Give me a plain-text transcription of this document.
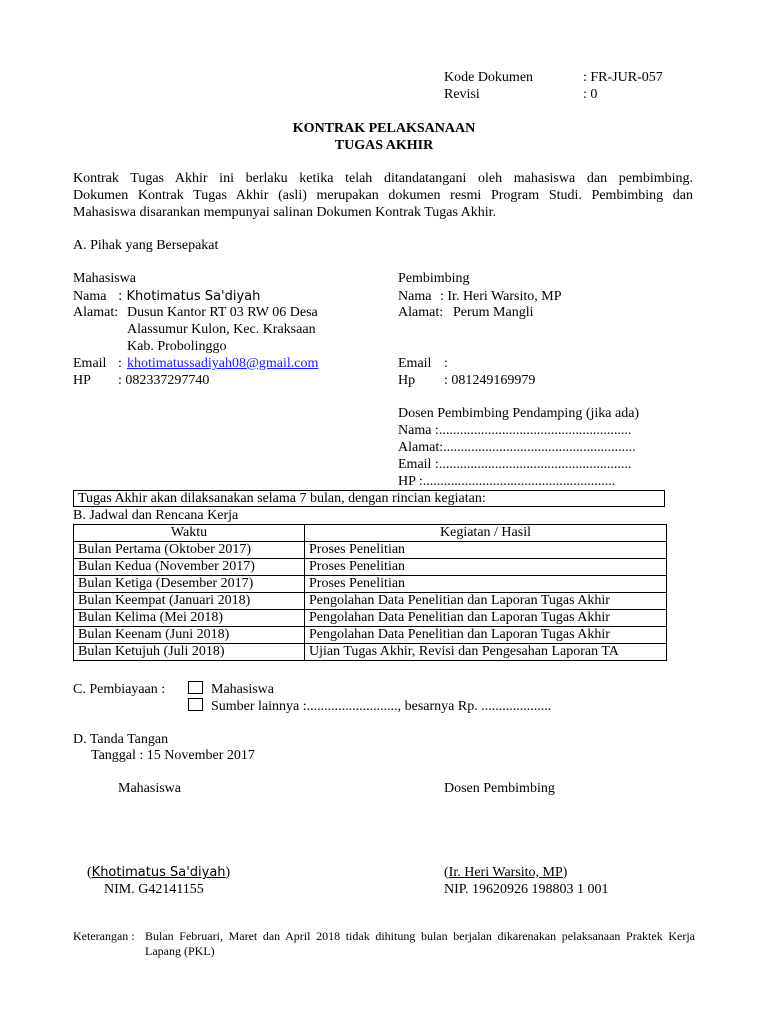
Kode Dokumen	: FR-JUR-057
Revisi	: 0
KONTRAK PELAKSANAAN
TUGAS AKHIR
Kontrak Tugas Akhir ini berlaku ketika telah ditandatangani oleh mahasiswa dan pembimbing.
Dokumen Kontrak Tugas Akhir (asli) merupakan dokumen resmi Program Studi. Pembimbing dan
Mahasiswa disarankan mempunyai salinan Dokumen Kontrak Tugas Akhir.
A. Pihak yang Bersepakat
Mahasiswa
Nama : Khotimatus Sa'diyah
Alamat: Dusun Kantor RT 03 RW 06 Desa
Alassumur Kulon, Kec. Kraksaan
Kab. Probolinggo
Email : khotimatussadiyah08@gmail.com
HP : 082337297740
Pembimbing
Nama : Ir. Heri Warsito, MP
Alamat: Perum Mangli
Email :
Hp : 081249169979
Dosen Pembimbing Pendamping (jika ada)
Nama :.......................................................
Alamat:.......................................................
Email :.......................................................
HP :.......................................................
Tugas Akhir akan dilaksanakan selama 7 bulan, dengan rincian kegiatan:
B. Jadwal dan Rencana Kerja
Waktu	Kegiatan / Hasil
Bulan Pertama (Oktober 2017)	Proses Penelitian
Bulan Kedua (November 2017)	Proses Penelitian
Bulan Ketiga (Desember 2017)	Proses Penelitian
Bulan Keempat (Januari 2018)	Pengolahan Data Penelitian dan Laporan Tugas Akhir
Bulan Kelima (Mei 2018)	Pengolahan Data Penelitian dan Laporan Tugas Akhir
Bulan Keenam (Juni 2018)	Pengolahan Data Penelitian dan Laporan Tugas Akhir
Bulan Ketujuh (Juli 2018)	Ujian Tugas Akhir, Revisi dan Pengesahan Laporan TA
C. Pembiayaan :	Mahasiswa
Sumber lainnya :.........................., besarnya Rp. ....................
D. Tanda Tangan
Tanggal : 15 November 2017
Mahasiswa	Dosen Pembimbing
(Khotimatus Sa'diyah)
NIM. G42141155
(Ir. Heri Warsito, MP)
NIP. 19620926 198803 1 001
Keterangan : Bulan Februari, Maret dan April 2018 tidak dihitung bulan berjalan dikarenakan pelaksanaan Praktek Kerja Lapang (PKL)
